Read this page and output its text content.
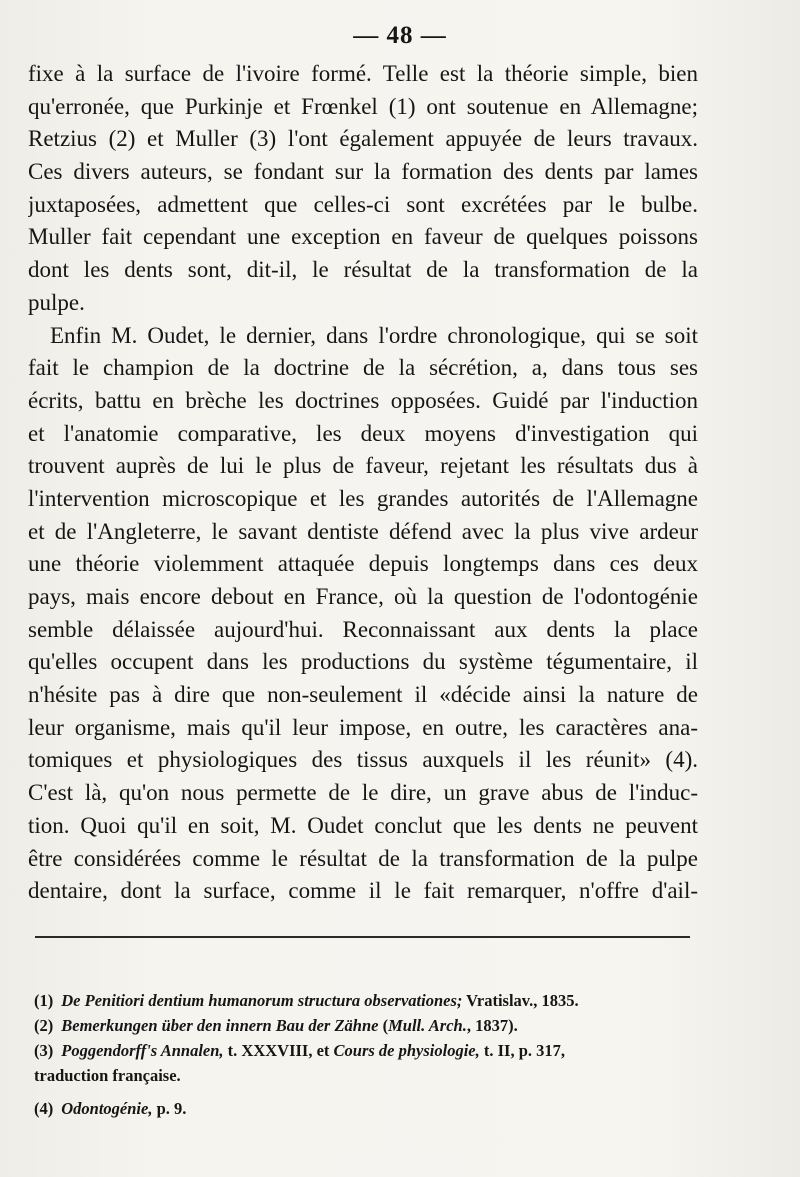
— 48 —
fixe à la surface de l'ivoire formé. Telle est la théorie simple, bien
qu'erronée, que Purkinje et Frœnkel (1) ont soutenue en Allemagne;
Retzius (2) et Muller (3) l'ont également appuyée de leurs travaux.
Ces divers auteurs, se fondant sur la formation des dents par lames
juxtaposées, admettent que celles-ci sont excrétées par le bulbe.
Muller fait cependant une exception en faveur de quelques poissons
dont les dents sont, dit-il, le résultat de la transformation de la
pulpe.
Enfin M. Oudet, le dernier, dans l'ordre chronologique, qui se soit
fait le champion de la doctrine de la sécrétion, a, dans tous ses
écrits, battu en brèche les doctrines opposées. Guidé par l'induction
et l'anatomie comparative, les deux moyens d'investigation qui
trouvent auprès de lui le plus de faveur, rejetant les résultats dus à
l'intervention microscopique et les grandes autorités de l'Allemagne
et de l'Angleterre, le savant dentiste défend avec la plus vive ardeur
une théorie violemment attaquée depuis longtemps dans ces deux
pays, mais encore debout en France, où la question de l'odontogénie
semble délaissée aujourd'hui. Reconnaissant aux dents la place
qu'elles occupent dans les productions du système tégumentaire, il
n'hésite pas à dire que non-seulement il «décide ainsi la nature de
leur organisme, mais qu'il leur impose, en outre, les caractères ana-
tomiques et physiologiques des tissus auxquels il les réunit» (4).
C'est là, qu'on nous permette de le dire, un grave abus de l'induc-
tion. Quoi qu'il en soit, M. Oudet conclut que les dents ne peuvent
être considérées comme le résultat de la transformation de la pulpe
dentaire, dont la surface, comme il le fait remarquer, n'offre d'ail-
(1) De Penitiori dentium humanorum structura observationes; Vratislav., 1835.
(2) Bemerkungen über den innern Bau der Zähne (Mull. Arch., 1837).
(3) Poggendorff's Annalen, t. XXXVIII, et Cours de physiologie, t. II, p. 317,
traduction française.
(4) Odontogénie, p. 9.
